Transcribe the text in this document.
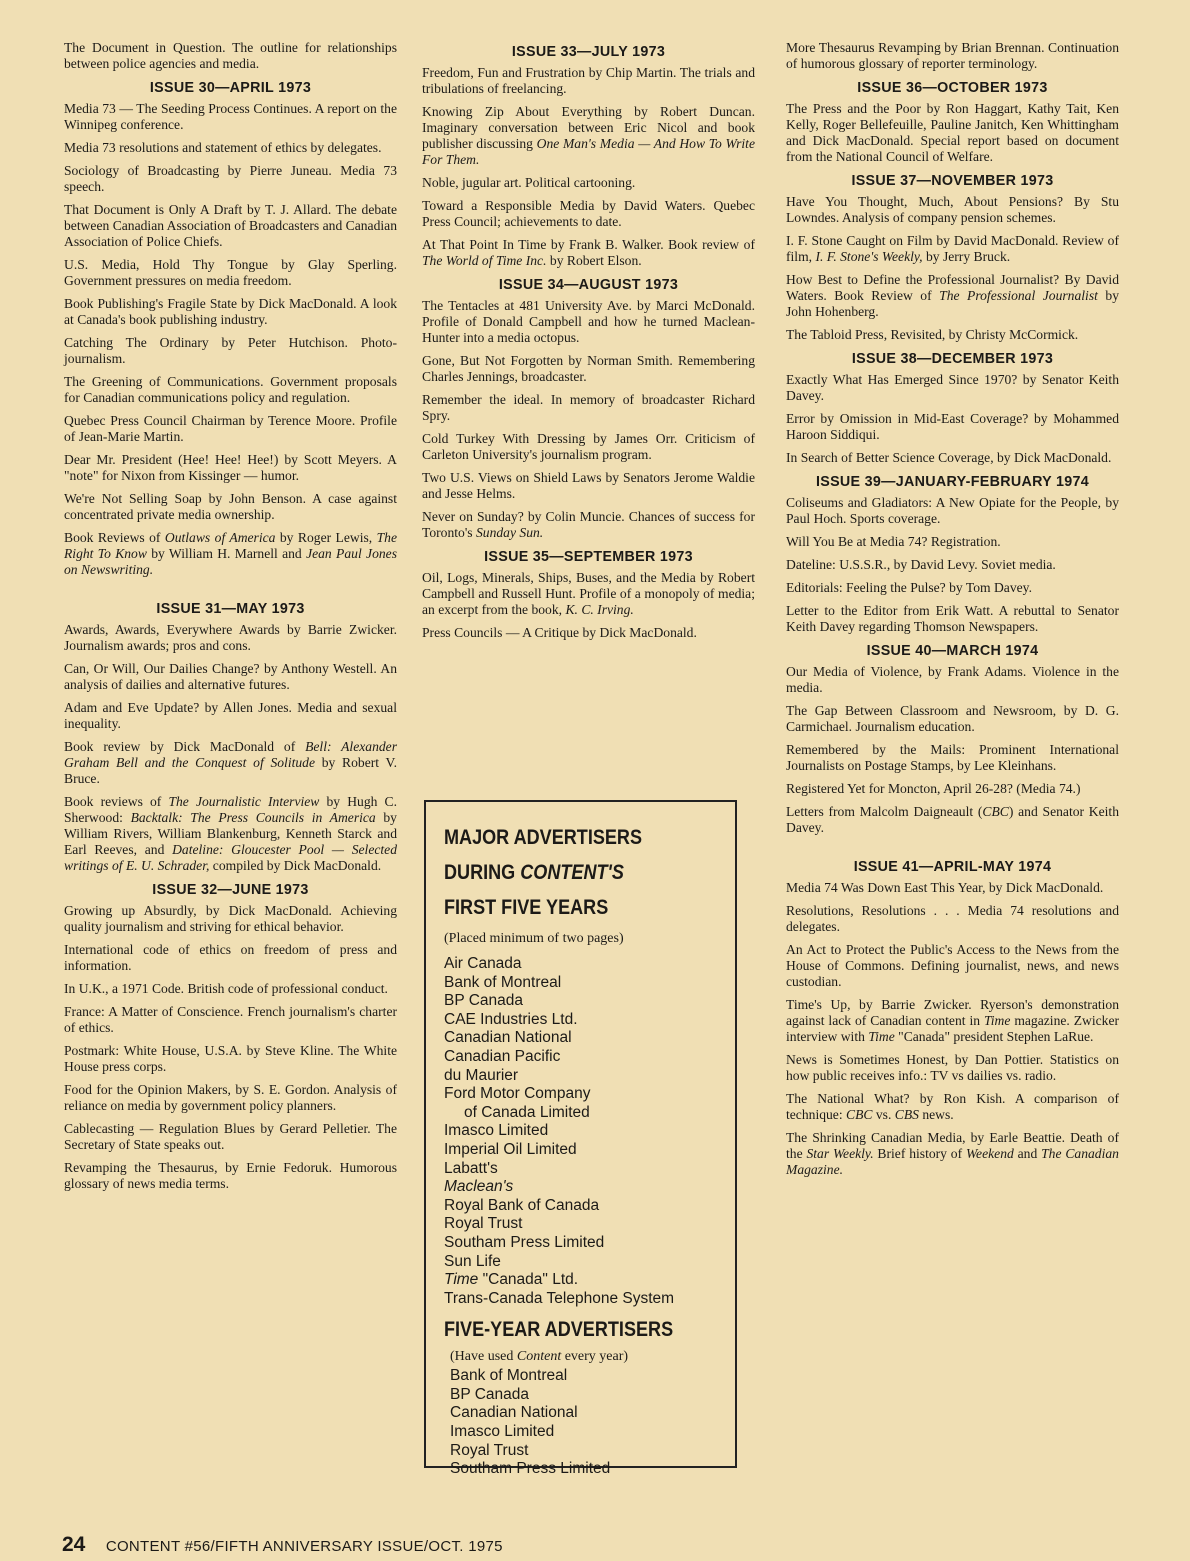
The Document in Question. The outline for relationships between police agencies and media.

ISSUE 30—APRIL 1973

Media 73 — The Seeding Process Continues. A report on the Winnipeg conference.

Media 73 resolutions and statement of ethics by delegates.

Sociology of Broadcasting by Pierre Juneau. Media 73 speech.

That Document is Only A Draft by T. J. Allard. The debate between Canadian Association of Broadcasters and Canadian Association of Police Chiefs.

U.S. Media, Hold Thy Tongue by Glay Sperling. Government pressures on media freedom.

Book Publishing's Fragile State by Dick MacDonald. A look at Canada's book publishing industry.

Catching The Ordinary by Peter Hutchison. Photo-journalism.

The Greening of Communications. Government proposals for Canadian communications policy and regulation.

Quebec Press Council Chairman by Terence Moore. Profile of Jean-Marie Martin.

Dear Mr. President (Hee! Hee! Hee!) by Scott Meyers. A "note" for Nixon from Kissinger — humor.

We're Not Selling Soap by John Benson. A case against concentrated private media ownership.

Book Reviews of Outlaws of America by Roger Lewis, The Right To Know by William H. Marnell and Jean Paul Jones on Newswriting.

ISSUE 31—MAY 1973

Awards, Awards, Everywhere Awards by Barrie Zwicker. Journalism awards; pros and cons.

Can, Or Will, Our Dailies Change? by Anthony Westell. An analysis of dailies and alternative futures.

Adam and Eve Update? by Allen Jones. Media and sexual inequality.

Book review by Dick MacDonald of Bell: Alexander Graham Bell and the Conquest of Solitude by Robert V. Bruce.

Book reviews of The Journalistic Interview by Hugh C. Sherwood: Backtalk: The Press Councils in America by William Rivers, William Blankenburg, Kenneth Starck and Earl Reeves, and Dateline: Gloucester Pool — Selected writings of E. U. Schrader, compiled by Dick MacDonald.

ISSUE 32—JUNE 1973

Growing up Absurdly, by Dick MacDonald. Achieving quality journalism and striving for ethical behavior.

International code of ethics on freedom of press and information.

In U.K., a 1971 Code. British code of professional conduct.

France: A Matter of Conscience. French journalism's charter of ethics.

Postmark: White House, U.S.A. by Steve Kline. The White House press corps.

Food for the Opinion Makers, by S. E. Gordon. Analysis of reliance on media by government policy planners.

Cablecasting — Regulation Blues by Gerard Pelletier. The Secretary of State speaks out.

Revamping the Thesaurus, by Ernie Fedoruk. Humorous glossary of news media terms.

ISSUE 33—JULY 1973

Freedom, Fun and Frustration by Chip Martin. The trials and tribulations of freelancing.

Knowing Zip About Everything by Robert Duncan. Imaginary conversation between Eric Nicol and book publisher discussing One Man's Media — And How To Write For Them.

Noble, jugular art. Political cartooning.

Toward a Responsible Media by David Waters. Quebec Press Council; achievements to date.

At That Point In Time by Frank B. Walker. Book review of The World of Time Inc. by Robert Elson.

ISSUE 34—AUGUST 1973

The Tentacles at 481 University Ave. by Marci McDonald. Profile of Donald Campbell and how he turned Maclean-Hunter into a media octopus.

Gone, But Not Forgotten by Norman Smith. Remembering Charles Jennings, broadcaster.

Remember the ideal. In memory of broadcaster Richard Spry.

Cold Turkey With Dressing by James Orr. Criticism of Carleton University's journalism program.

Two U.S. Views on Shield Laws by Senators Jerome Waldie and Jesse Helms.

Never on Sunday? by Colin Muncie. Chances of success for Toronto's Sunday Sun.

ISSUE 35—SEPTEMBER 1973

Oil, Logs, Minerals, Ships, Buses, and the Media by Robert Campbell and Russell Hunt. Profile of a monopoly of media; an excerpt from the book, K. C. Irving.

Press Councils — A Critique by Dick MacDonald.

More Thesaurus Revamping by Brian Brennan. Continuation of humorous glossary of reporter terminology.

ISSUE 36—OCTOBER 1973

The Press and the Poor by Ron Haggart, Kathy Tait, Ken Kelly, Roger Bellefeuille, Pauline Janitch, Ken Whittingham and Dick MacDonald. Special report based on document from the National Council of Welfare.

ISSUE 37—NOVEMBER 1973

Have You Thought, Much, About Pensions? By Stu Lowndes. Analysis of company pension schemes.

I. F. Stone Caught on Film by David MacDonald. Review of film, I. F. Stone's Weekly, by Jerry Bruck.

How Best to Define the Professional Journalist? By David Waters. Book Review of The Professional Journalist by John Hohenberg.

The Tabloid Press, Revisited, by Christy McCormick.

ISSUE 38—DECEMBER 1973

Exactly What Has Emerged Since 1970? by Senator Keith Davey.

Error by Omission in Mid-East Coverage? by Mohammed Haroon Siddiqui.

In Search of Better Science Coverage, by Dick MacDonald.

ISSUE 39—JANUARY-FEBRUARY 1974

Coliseums and Gladiators: A New Opiate for the People, by Paul Hoch. Sports coverage.

Will You Be at Media 74? Registration.

Dateline: U.S.S.R., by David Levy. Soviet media.

Editorials: Feeling the Pulse? by Tom Davey.

Letter to the Editor from Erik Watt. A rebuttal to Senator Keith Davey regarding Thomson Newspapers.

ISSUE 40—MARCH 1974

Our Media of Violence, by Frank Adams. Violence in the media.

The Gap Between Classroom and Newsroom, by D. G. Carmichael. Journalism education.

Remembered by the Mails: Prominent International Journalists on Postage Stamps, by Lee Kleinhans.

Registered Yet for Moncton, April 26-28? (Media 74.)

Letters from Malcolm Daigneault (CBC) and Senator Keith Davey.

ISSUE 41—APRIL-MAY 1974

Media 74 Was Down East This Year, by Dick MacDonald.

Resolutions, Resolutions . . . Media 74 resolutions and delegates.

An Act to Protect the Public's Access to the News from the House of Commons. Defining journalist, news, and news custodian.

Time's Up, by Barrie Zwicker. Ryerson's demonstration against lack of Canadian content in Time magazine. Zwicker interview with Time "Canada" president Stephen LaRue.

News is Sometimes Honest, by Dan Pottier. Statistics on how public receives info.: TV vs dailies vs. radio.

The National What? by Ron Kish. A comparison of technique: CBC vs. CBS news.

The Shrinking Canadian Media, by Earle Beattie. Death of the Star Weekly. Brief history of Weekend and The Canadian Magazine.

MAJOR ADVERTISERS
DURING CONTENT'S
FIRST FIVE YEARS
(Placed minimum of two pages)
Air Canada
Bank of Montreal
BP Canada
CAE Industries Ltd.
Canadian National
Canadian Pacific
du Maurier
Ford Motor Company
of Canada Limited
Imasco Limited
Imperial Oil Limited
Labatt's
Maclean's
Royal Bank of Canada
Royal Trust
Southam Press Limited
Sun Life
Time "Canada" Ltd.
Trans-Canada Telephone System
FIVE-YEAR ADVERTISERS
(Have used Content every year)
Bank of Montreal
BP Canada
Canadian National
Imasco Limited
Royal Trust
Southam Press Limited
24 CONTENT #56/FIFTH ANNIVERSARY ISSUE/OCT. 1975
